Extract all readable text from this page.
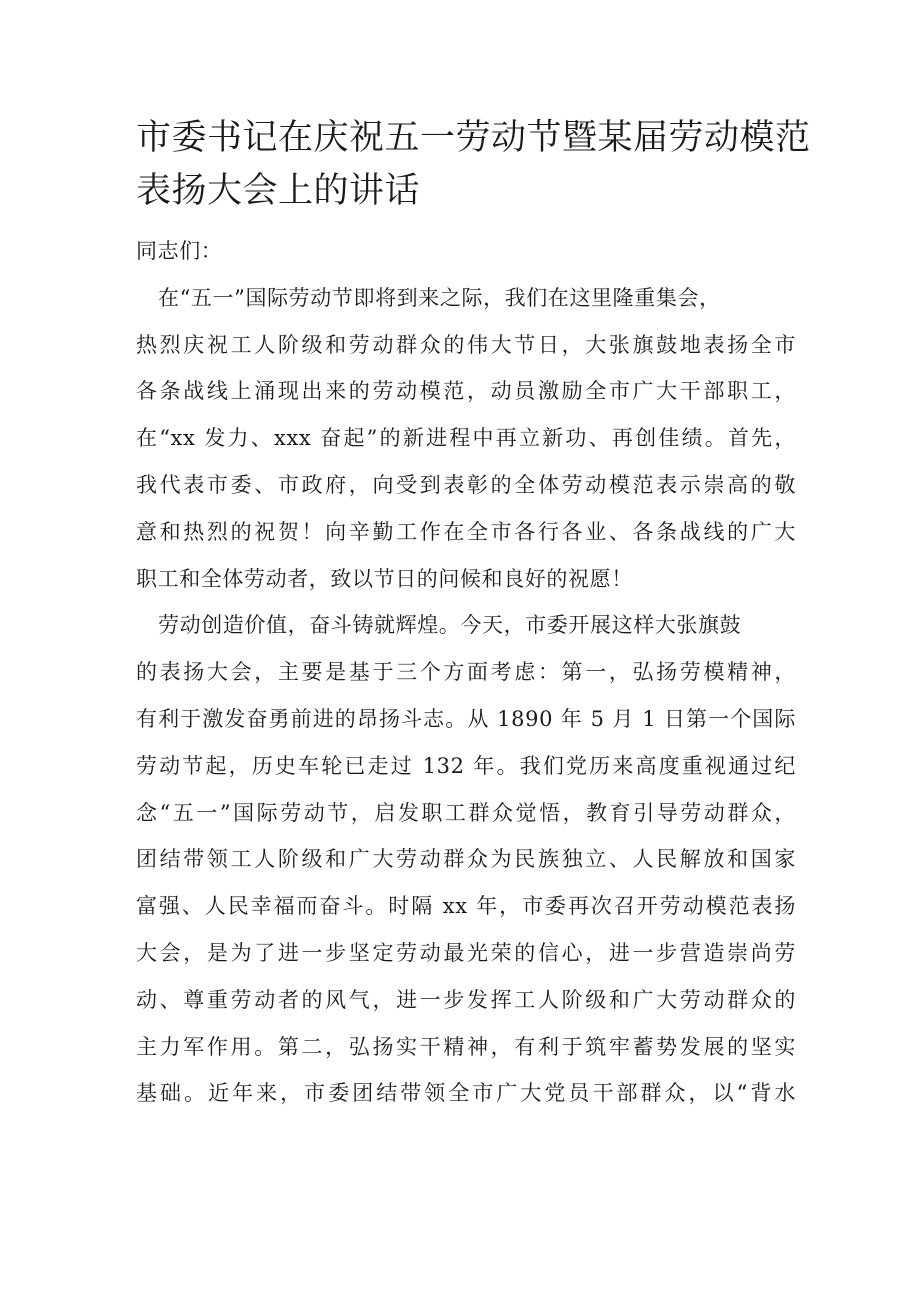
市委书记在庆祝五一劳动节暨某届劳动模范
表扬大会上的讲话
同志们：
在“五一”国际劳动节即将到来之际，我们在这里隆重集会，
热烈庆祝工人阶级和劳动群众的伟大节日，大张旗鼓地表扬全市
各条战线上涌现出来的劳动模范，动员激励全市广大干部职工，
在“xx 发力、xxx 奋起”的新进程中再立新功、再创佳绩。首先，
我代表市委、市政府，向受到表彰的全体劳动模范表示崇高的敬
意和热烈的祝贺！向辛勤工作在全市各行各业、各条战线的广大
职工和全体劳动者，致以节日的问候和良好的祝愿！
劳动创造价值，奋斗铸就辉煌。今天，市委开展这样大张旗鼓
的表扬大会，主要是基于三个方面考虑：第一，弘扬劳模精神，
有利于激发奋勇前进的昂扬斗志。从 1890 年 5 月 1 日第一个国际
劳动节起，历史车轮已走过 132 年。我们党历来高度重视通过纪
念“五一”国际劳动节，启发职工群众觉悟，教育引导劳动群众，
团结带领工人阶级和广大劳动群众为民族独立、人民解放和国家
富强、人民幸福而奋斗。时隔 xx 年，市委再次召开劳动模范表扬
大会，是为了进一步坚定劳动最光荣的信心，进一步营造崇尚劳
动、尊重劳动者的风气，进一步发挥工人阶级和广大劳动群众的
主力军作用。第二，弘扬实干精神，有利于筑牢蓄势发展的坚实
基础。近年来，市委团结带领全市广大党员干部群众，以“背水
